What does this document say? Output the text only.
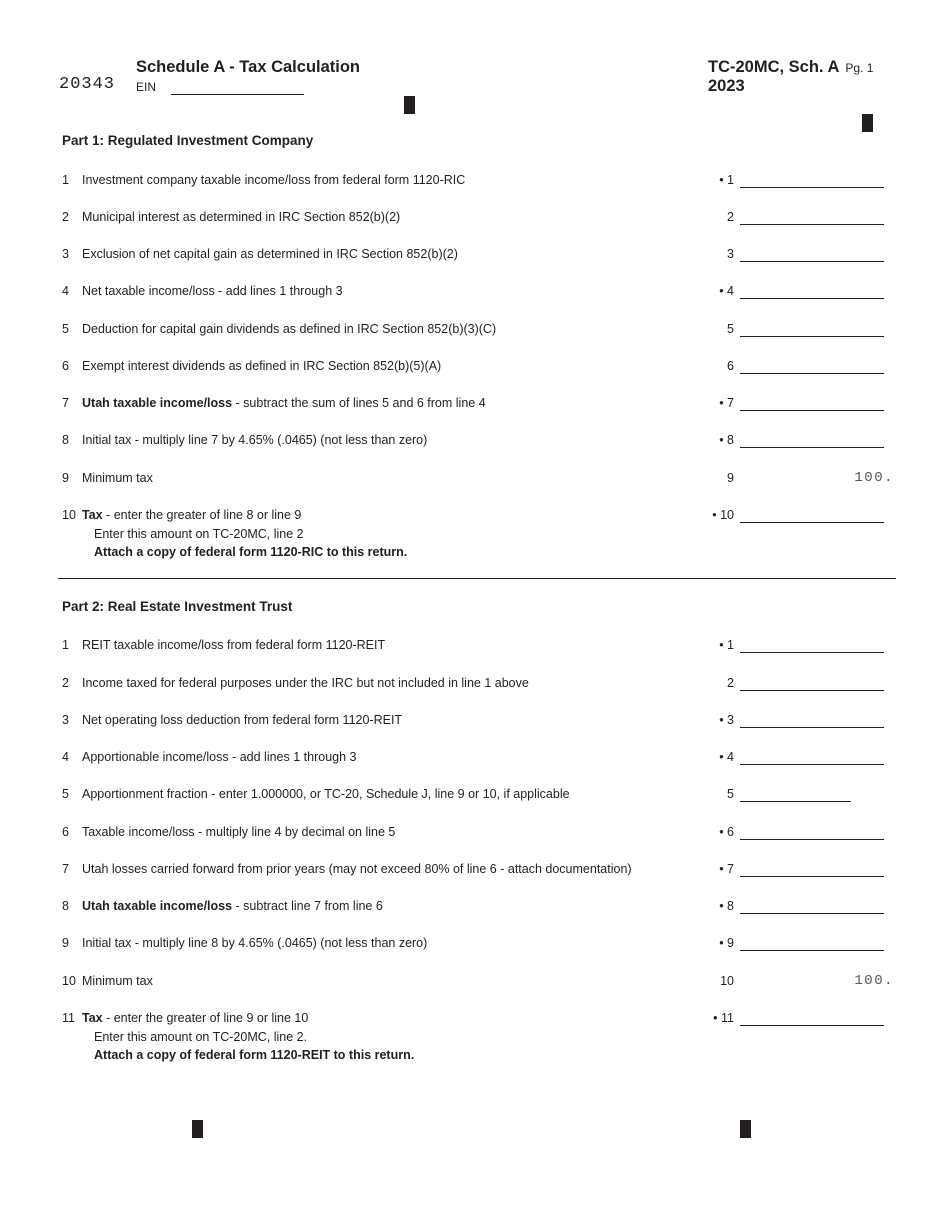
20343
Schedule A - Tax Calculation
EIN
TC-20MC, Sch. A Pg. 1
2023
Part 1: Regulated Investment Company
1 Investment company taxable income/loss from federal form 1120-RIC	• 1
2 Municipal interest as determined in IRC Section 852(b)(2)	2
3 Exclusion of net capital gain as determined in IRC Section 852(b)(2)	3
4 Net taxable income/loss - add lines 1 through 3	• 4
5 Deduction for capital gain dividends as defined in IRC Section 852(b)(3)(C)	5
6 Exempt interest dividends as defined in IRC Section 852(b)(5)(A)	6
7 Utah taxable income/loss - subtract the sum of lines 5 and 6 from line 4	• 7
8 Initial tax - multiply line 7 by 4.65% (.0465) (not less than zero)	• 8
9 Minimum tax	9	100.
10 Tax - enter the greater of line 8 or line 9	• 10
Enter this amount on TC-20MC, line 2
Attach a copy of federal form 1120-RIC to this return.
Part 2: Real Estate Investment Trust
1 REIT taxable income/loss from federal form 1120-REIT	• 1
2 Income taxed for federal purposes under the IRC but not included in line 1 above	2
3 Net operating loss deduction from federal form 1120-REIT	• 3
4 Apportionable income/loss - add lines 1 through 3	• 4
5 Apportionment fraction - enter 1.000000, or TC-20, Schedule J, line 9 or 10, if applicable	5
6 Taxable income/loss - multiply line 4 by decimal on line 5	• 6
7 Utah losses carried forward from prior years (may not exceed 80% of line 6 - attach documentation)	• 7
8 Utah taxable income/loss - subtract line 7 from line 6	• 8
9 Initial tax - multiply line 8 by 4.65% (.0465) (not less than zero)	• 9
10 Minimum tax	10	100.
11 Tax - enter the greater of line 9 or line 10	• 11
Enter this amount on TC-20MC, line 2.
Attach a copy of federal form 1120-REIT to this return.
